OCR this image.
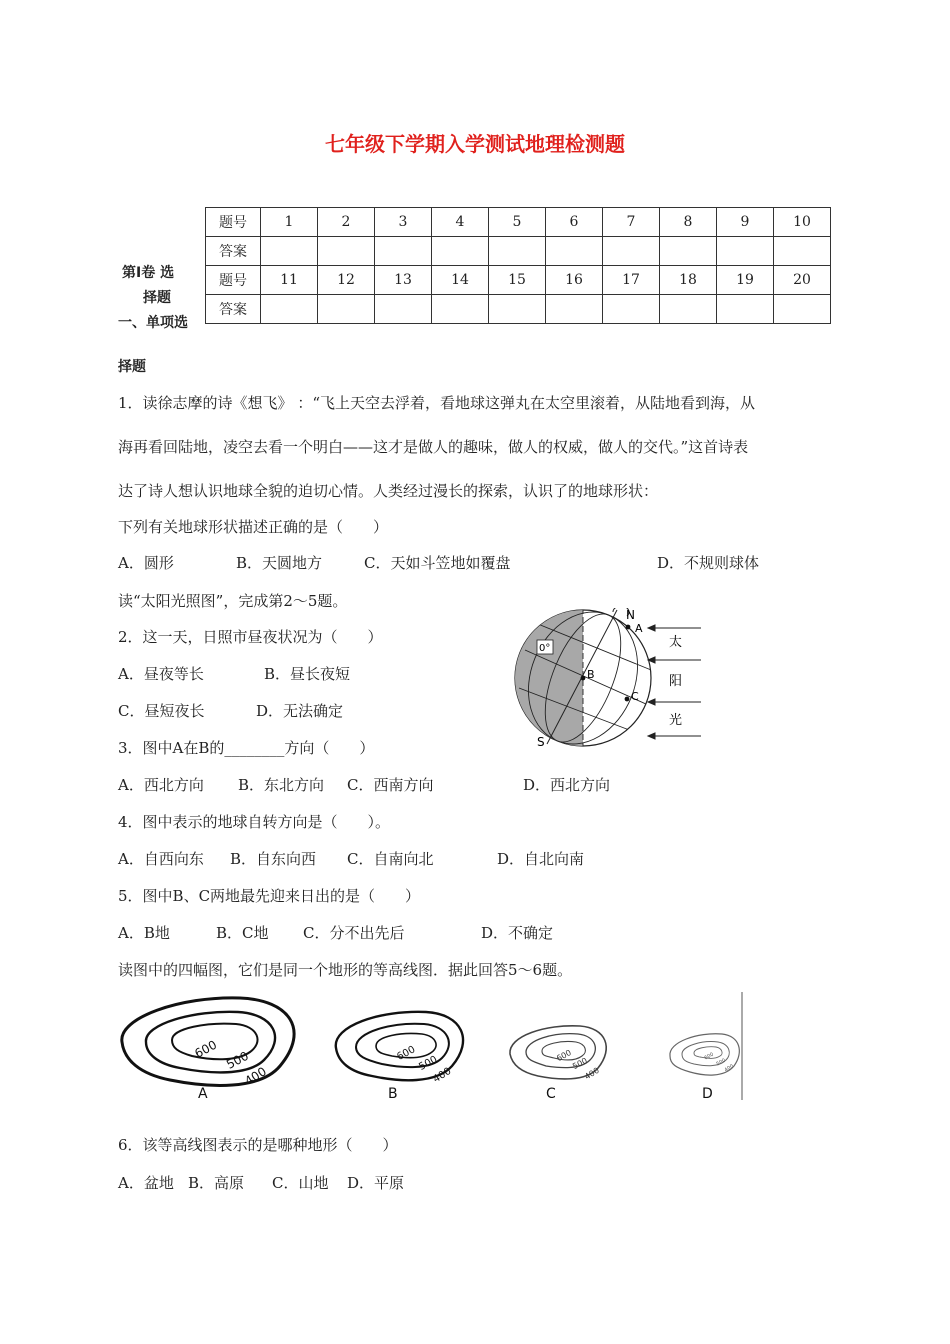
七年级下学期入学测试地理检测题
题号	1	2	3	4	5	6	7	8	9	10
答案										
题号	11	12	13	14	15	16	17	18	19	20
答案										
第Ⅰ卷 选
择题
一、单项选
择题
1．读徐志摩的诗《想飞》 ：“飞上天空去浮着，看地球这弹丸在太空里滚着，从陆地看到海，从
海再看回陆地，凌空去看一个明白——这才是做人的趣味，做人的权威，做人的交代。”这首诗表
达了诗人想认识地球全貌的迫切心情。人类经过漫长的探索，认识了的地球形状：
下列有关地球形状描述正确的是（　　）
A．圆形	B．天圆地方	C．天如斗笠地如覆盘	D．不规则球体
读“太阳光照图”，完成第2～5题。
2．这一天，日照市昼夜状况为（　　）
A．昼夜等长	B．昼长夜短
C．昼短夜长	D．无法确定
3．图中A在B的________方向（　　）
A．西北方向 B．东北方向 C．西南方向	D．西北方向
4．图中表示的地球自转方向是（　　）。
A．自西向东 B．自东向西 C．自南向北	D．自北向南
5．图中B、C两地最先迎来日出的是（　　）
A．B地	B．C地 C．分不出先后	D．不确定
读图中的四幅图，它们是同一个地形的等高线图．据此回答5～6题。
6．该等高线图表示的是哪种地形（　　）
A．盆地 B．高原 C．山地 D．平原
0°
N
A
B
C
S
太
阳
光
600 500
400
A
600
500
400
B
600
500
400
C
600
500
400
D
